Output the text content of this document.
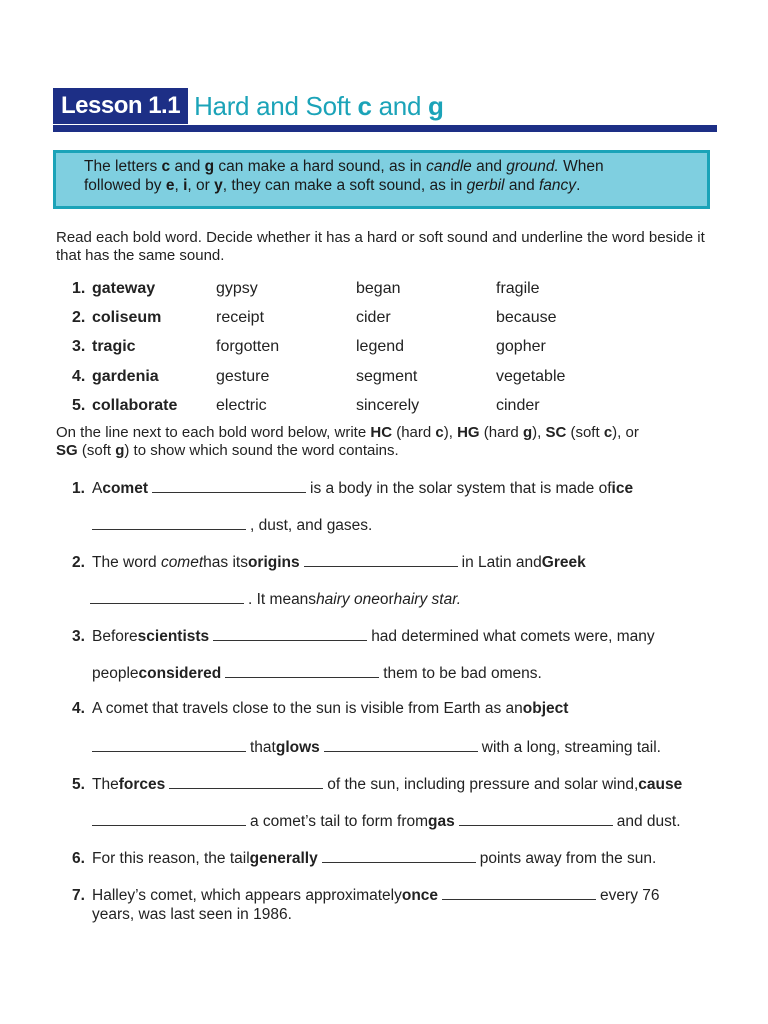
Lesson 1.1 Hard and Soft c and g

The letters c and g can make a hard sound, as in candle and ground. When

followed by e, i, or y, they can make a soft sound, as in gerbil and fancy.

Read each bold word. Decide whether it has a hard or soft sound and underline the word beside it that has the same sound.

1. gateway	gypsy	began	fragile
2. coliseum	receipt	cider	because
3. tragic	forgotten	legend	gopher
4. gardenia	gesture	segment	vegetable
5. collaborate	electric	sincerely	cinder

On the line next to each bold word below, write HC (hard c), HG (hard g), SC (soft c), or
SG (soft g) to show which sound the word contains.

1. A comet	is a body in the solar system that is made of ice
, dust, and gases.
2. The word
comet has its origins	in Latin and Greek
. It means hairy one or hairy star.
3. Before scientists	had determined what comets were, many
people considered	them to be bad omens.
4. A comet that travels close to the sun is visible from Earth as an object
that glows	with a long, streaming tail.
5. The forces	of the sun, including pressure and solar wind, cause
a comet’s tail to form from gas	and dust.
6. For this reason, the tail generally	points away from the sun.
7. Halley’s comet, which appears approximately once	every 76
years, was last seen in 1986.
